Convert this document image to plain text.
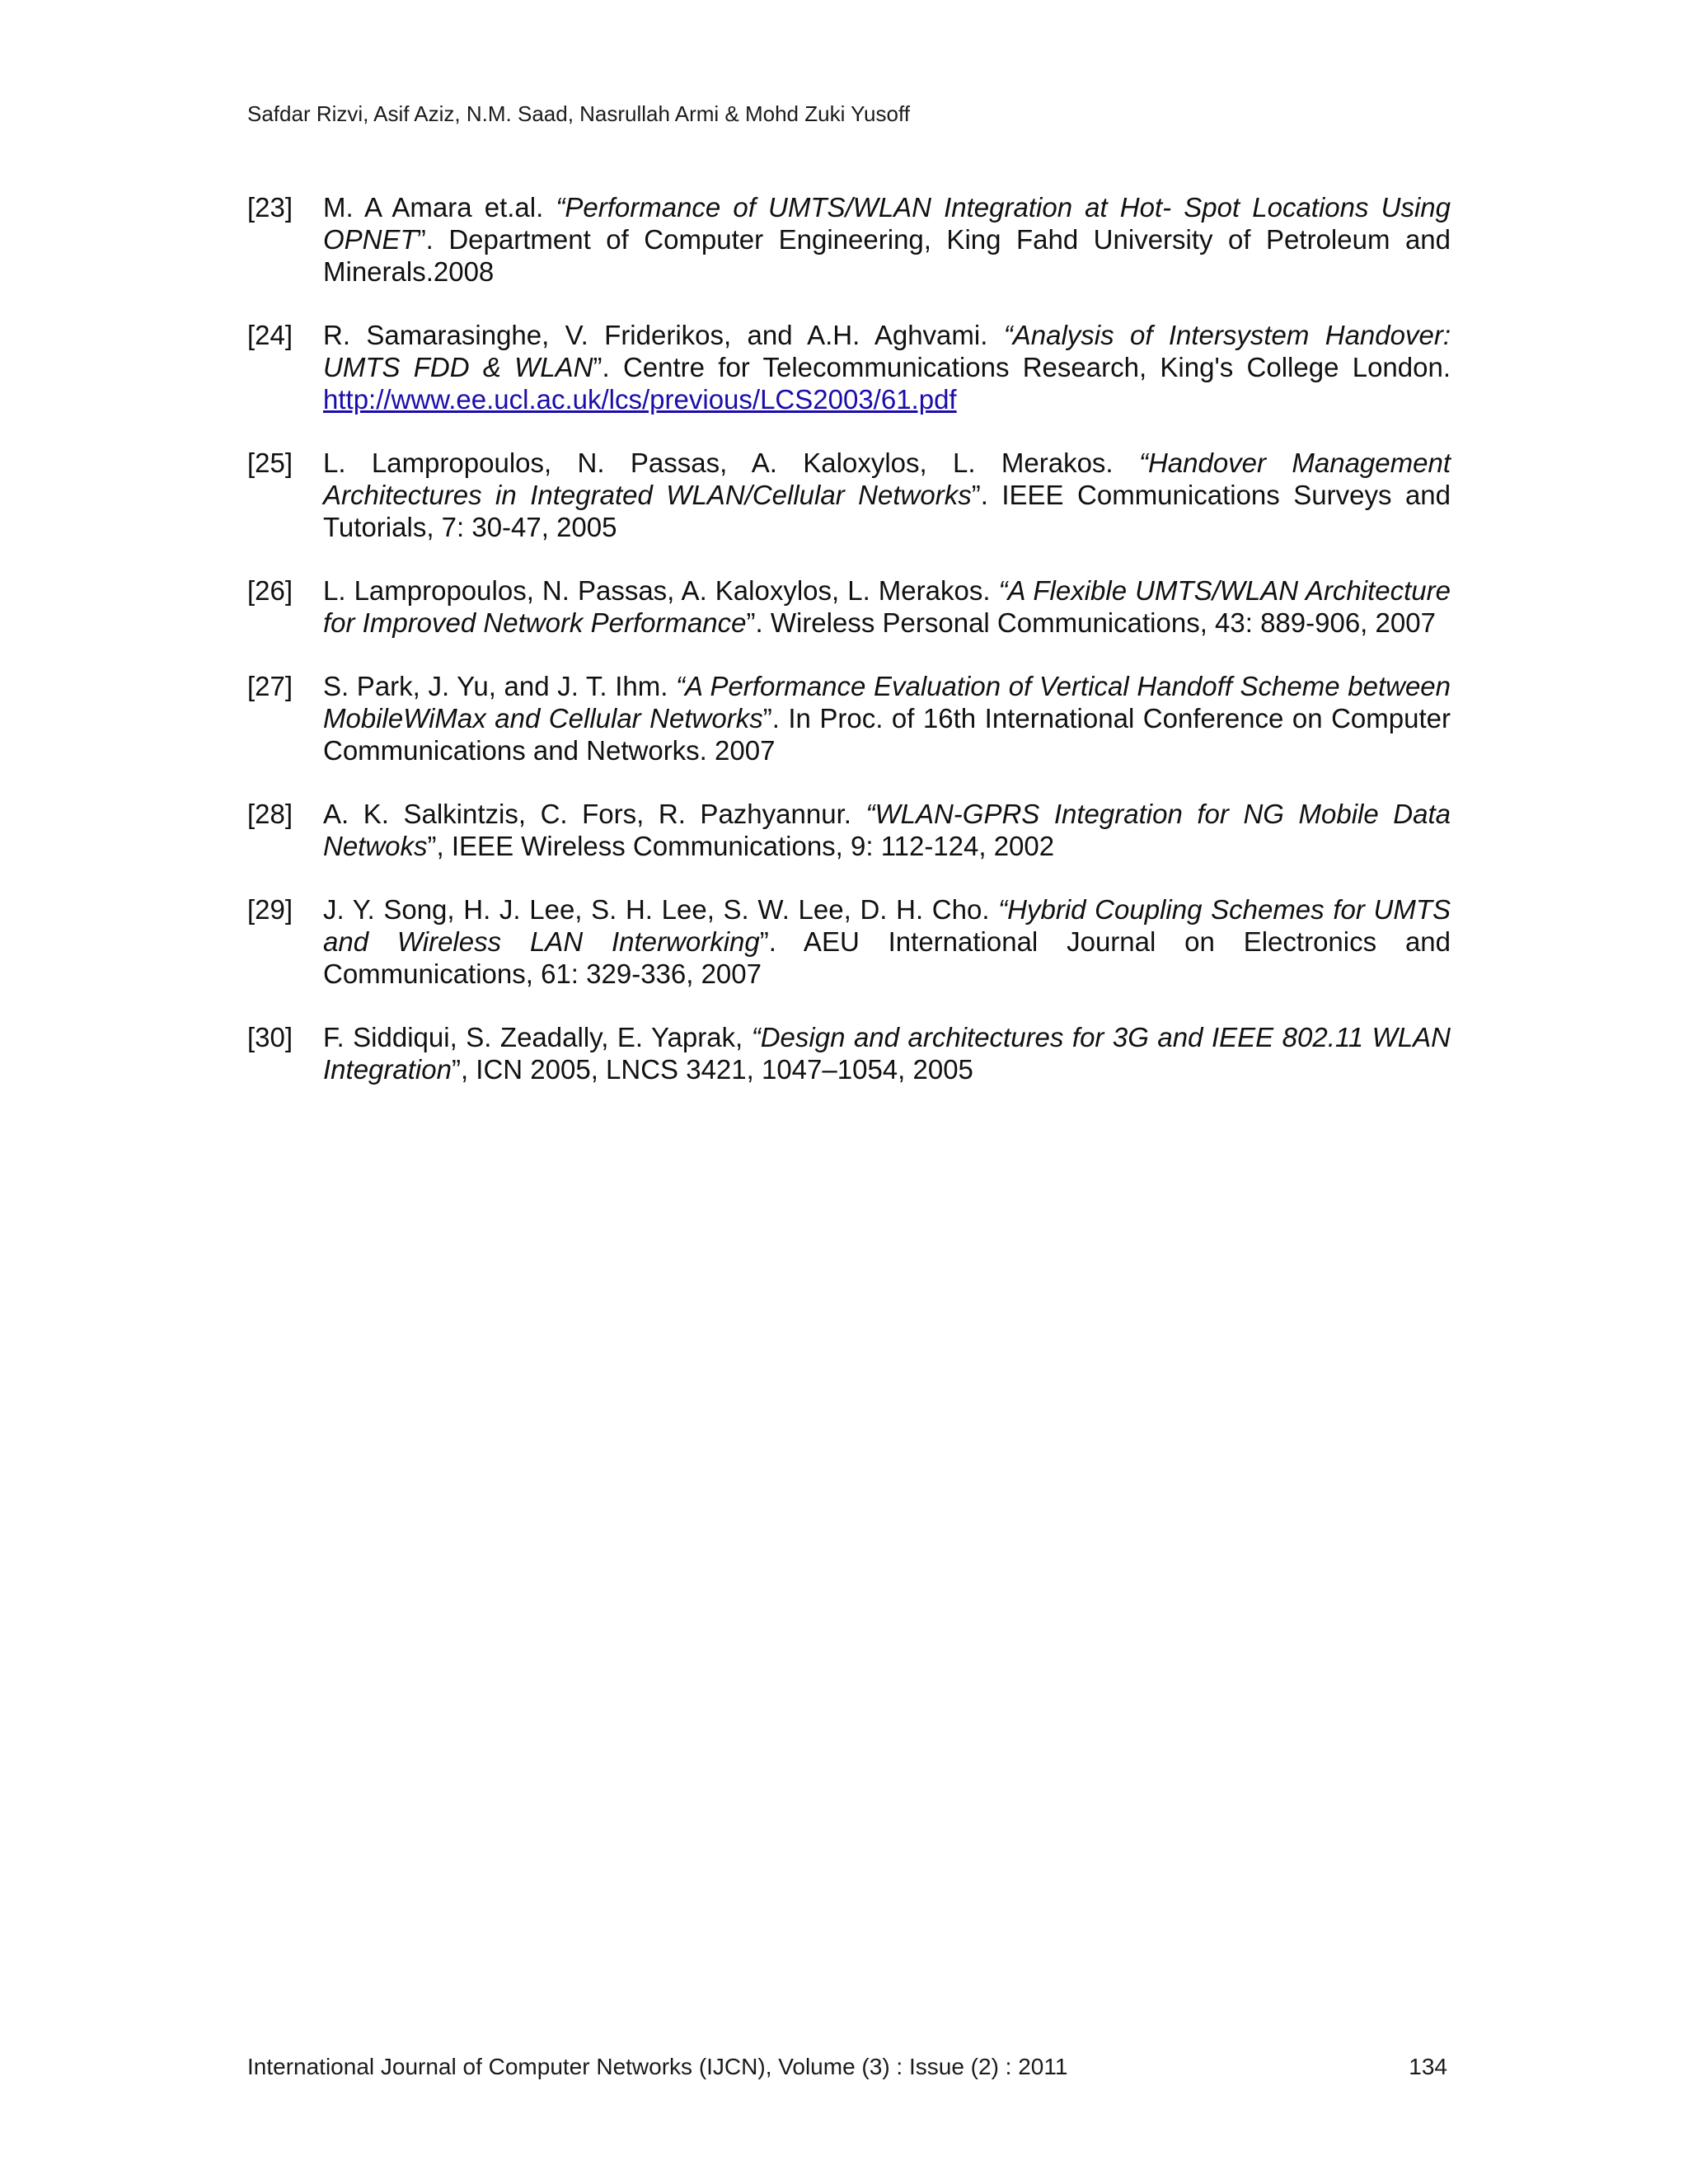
Safdar Rizvi, Asif Aziz, N.M. Saad, Nasrullah Armi & Mohd Zuki Yusoff

[23] M. A Amara et.al. “Performance of UMTS/WLAN Integration at Hot- Spot Locations Using OPNET”. Department of Computer Engineering, King Fahd University of Petroleum and Minerals.2008

[24] R. Samarasinghe, V. Friderikos, and A.H. Aghvami. “Analysis of Intersystem Handover: UMTS FDD & WLAN”. Centre for Telecommunications Research, King's College London. http://www.ee.ucl.ac.uk/lcs/previous/LCS2003/61.pdf

[25] L. Lampropoulos, N. Passas, A. Kaloxylos, L. Merakos. “Handover Management Architectures in Integrated WLAN/Cellular Networks”. IEEE Communications Surveys and Tutorials, 7: 30-47, 2005

[26] L. Lampropoulos, N. Passas, A. Kaloxylos, L. Merakos. “A Flexible UMTS/WLAN Architecture for Improved Network Performance”. Wireless Personal Communications, 43: 889-906, 2007

[27] S. Park, J. Yu, and J. T. Ihm. “A Performance Evaluation of Vertical Handoff Scheme between MobileWiMax and Cellular Networks”. In Proc. of 16th International Conference on Computer Communications and Networks. 2007

[28] A. K. Salkintzis, C. Fors, R. Pazhyannur. “WLAN-GPRS Integration for NG Mobile Data Netwoks”, IEEE Wireless Communications, 9: 112-124, 2002

[29] J. Y. Song, H. J. Lee, S. H. Lee, S. W. Lee, D. H. Cho. “Hybrid Coupling Schemes for UMTS and Wireless LAN Interworking”. AEU International Journal on Electronics and Communications, 61: 329-336, 2007

[30] F. Siddiqui, S. Zeadally, E. Yaprak, “Design and architectures for 3G and IEEE 802.11 WLAN Integration”, ICN 2005, LNCS 3421, 1047–1054, 2005

International Journal of Computer Networks (IJCN), Volume (3) : Issue (2) : 2011	134
